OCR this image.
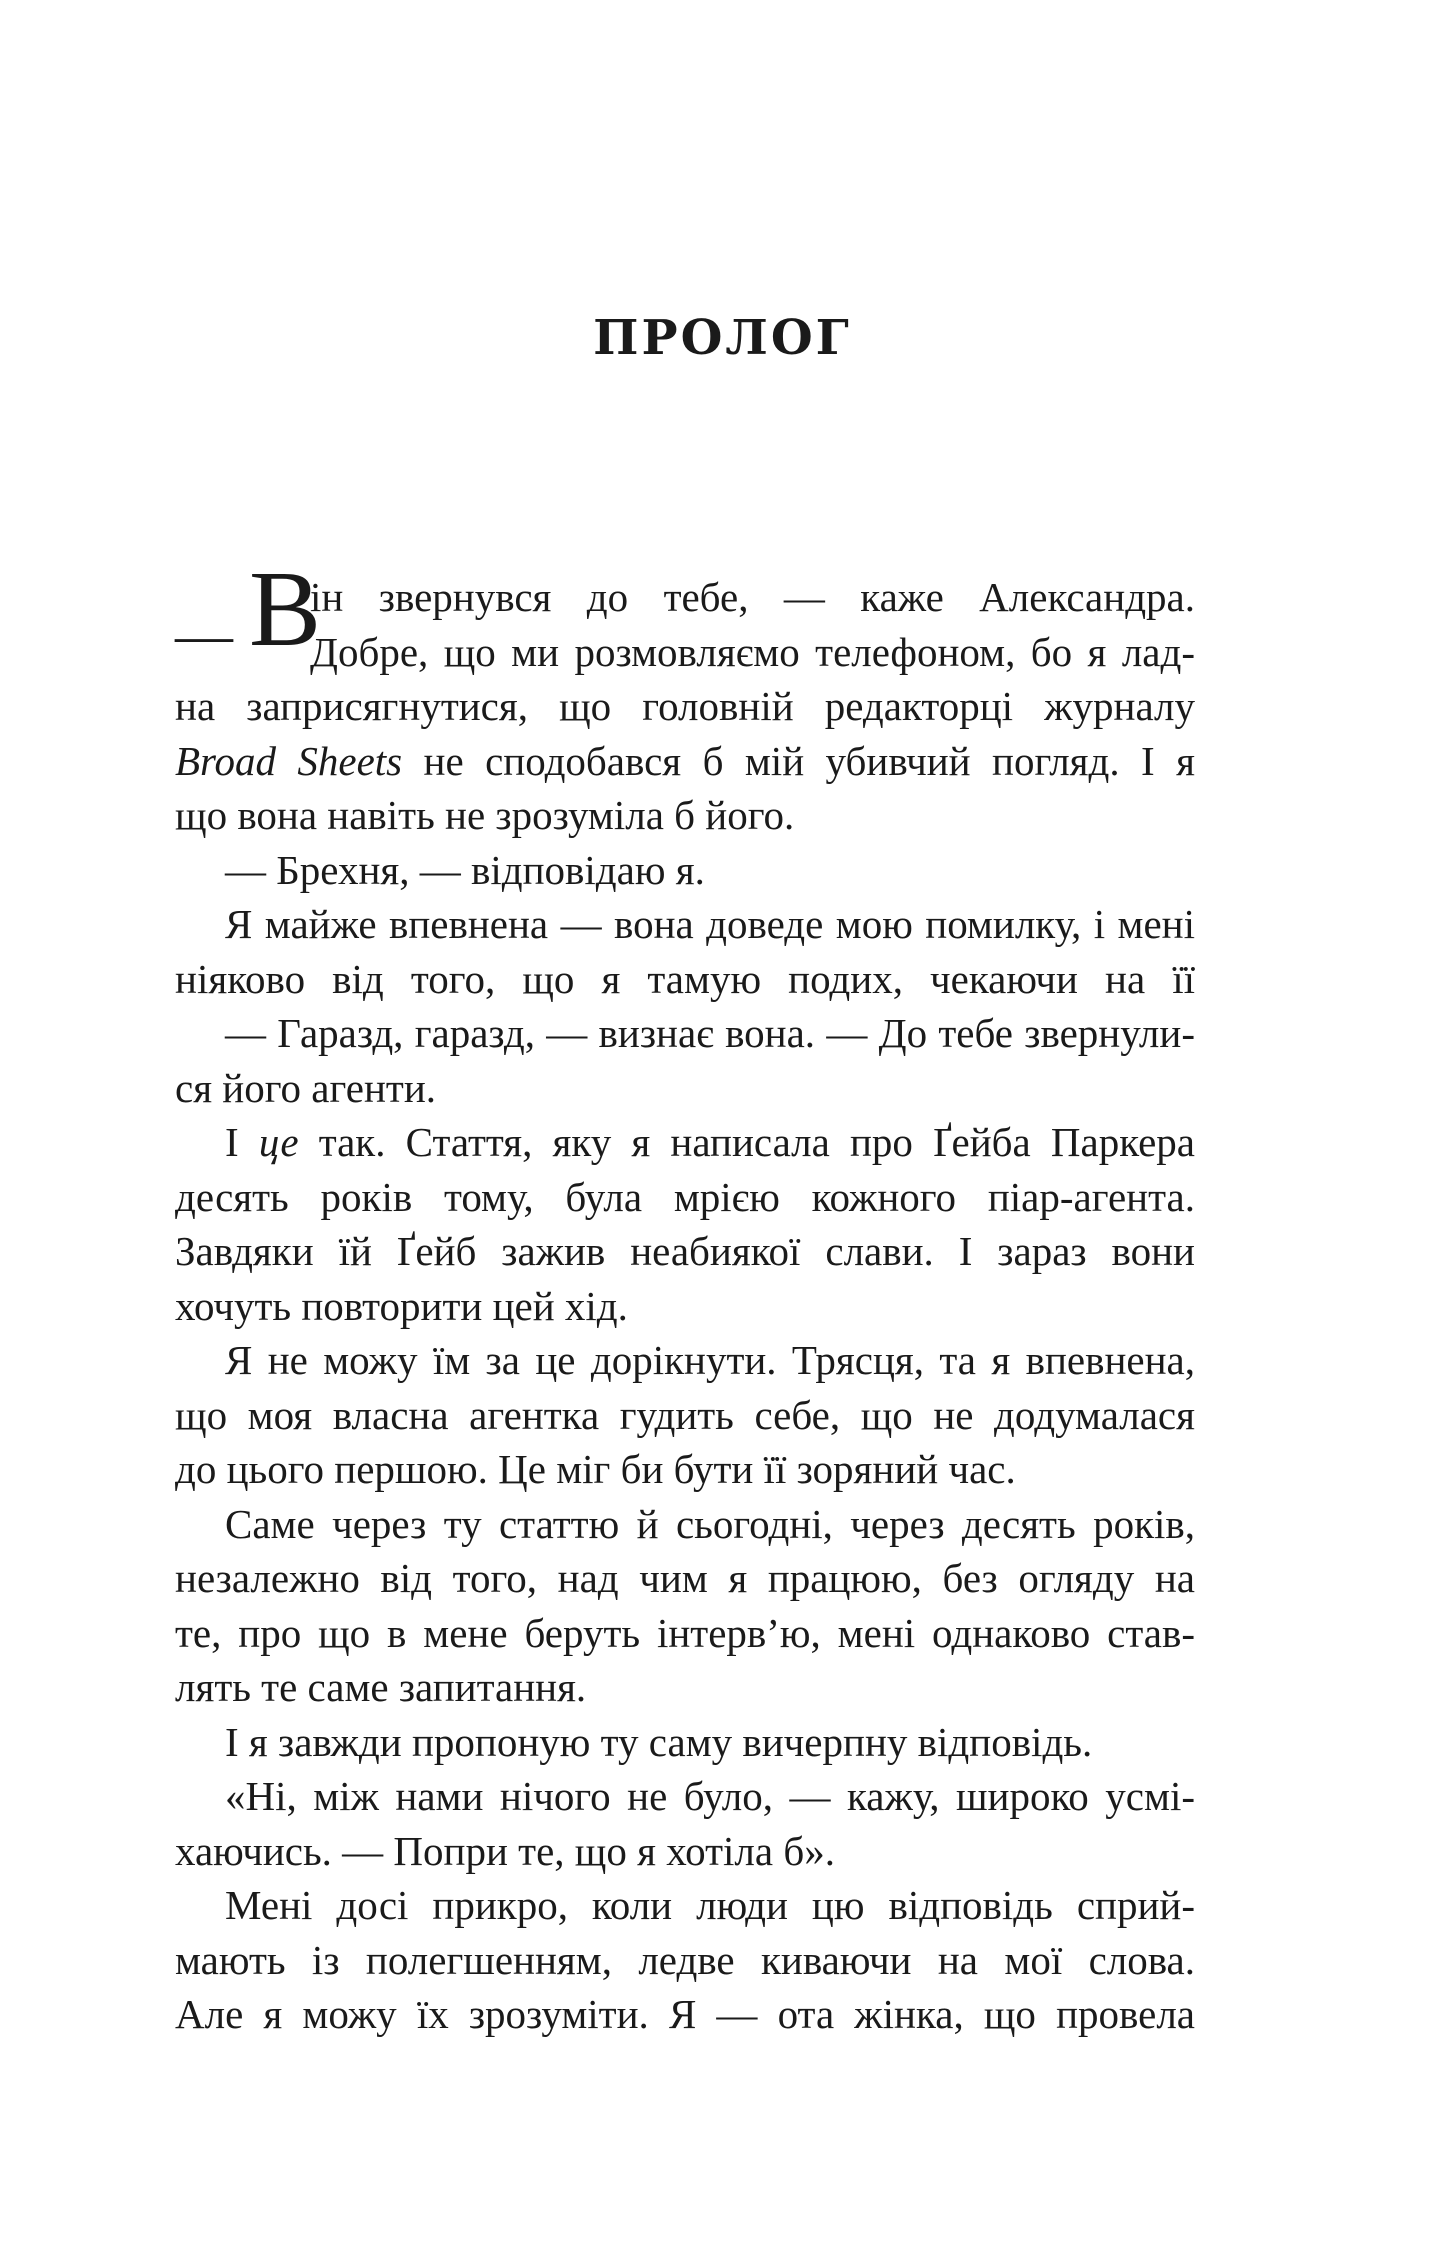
ПРОЛОГ
— В
ін звернувся до тебе, — каже Александра.
Добре, що ми розмовляємо телефоном, бо я лад-
на заприсягнутися, що головній редакторці журналу
Broad Sheets не сподобався б мій убивчий погляд. І я
що вона навіть не зрозуміла б його.
— Брехня, — відповідаю я.
Я майже впевнена — вона доведе мою помилку, і мені
ніяково від того, що я тамую подих, чекаючи на її
— Гаразд, гаразд, — визнає вона. — До тебе звернули-
ся його агенти.
І це так. Стаття, яку я написала про Ґейба Паркера
десять років тому, була мрією кожного піар-агента.
Завдяки їй Ґейб зажив неабиякої слави. І зараз вони
хочуть повторити цей хід.
Я не можу їм за це дорікнути. Трясця, та я впевнена,
що моя власна агентка гудить себе, що не додумалася
до цього першою. Це міг би бути її зоряний час.
Саме через ту статтю й сьогодні, через десять років,
незалежно від того, над чим я працюю, без огляду на
те, про що в мене беруть інтерв’ю, мені однаково став-
лять те саме запитання.
І я завжди пропоную ту саму вичерпну відповідь.
«Ні, між нами нічого не було, — кажу, широко усмі-
хаючись. — Попри те, що я хотіла б».
Мені досі прикро, коли люди цю відповідь сприй-
мають із полегшенням, ледве киваючи на мої слова.
Але я можу їх зрозуміти. Я — ота жінка, що провела
